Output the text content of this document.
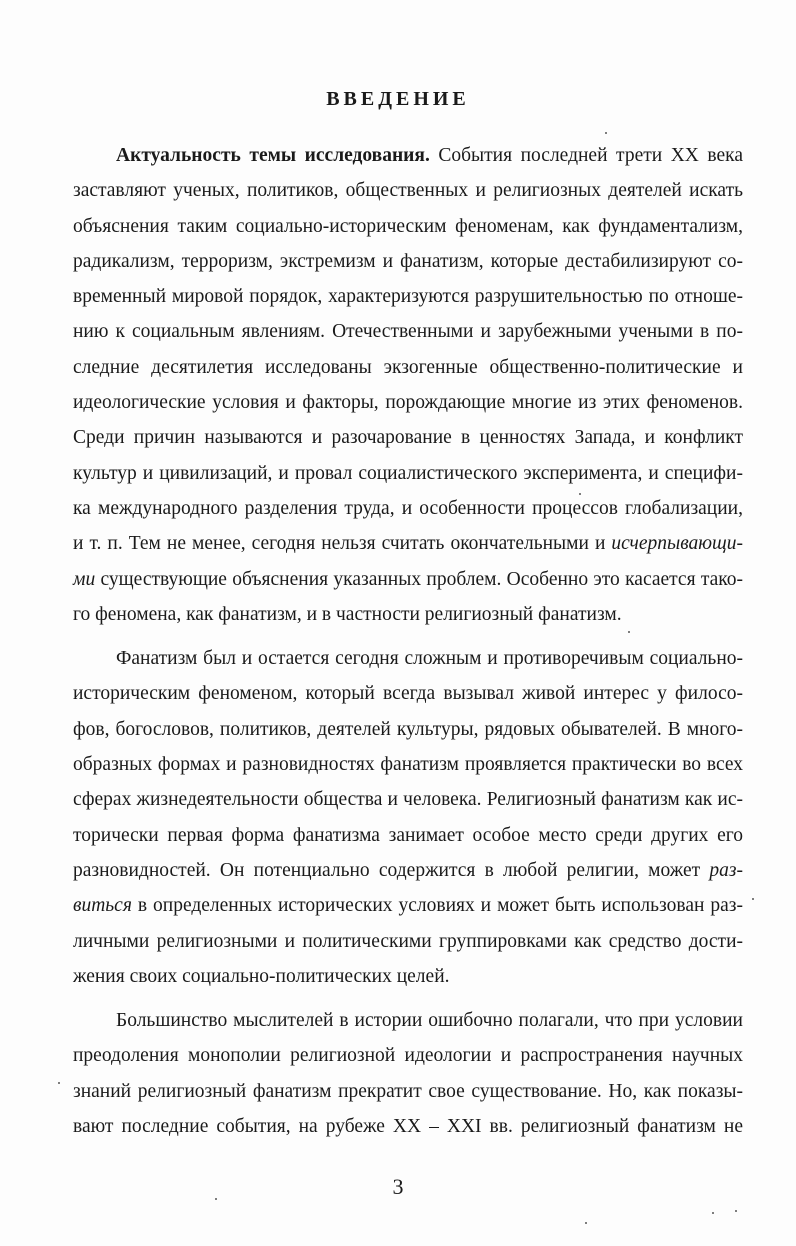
ВВЕДЕНИЕ
Актуальность темы исследования. События последней трети XX века
заставляют ученых, политиков, общественных и религиозных деятелей искать
объяснения таким социально-историческим феноменам, как фундаментализм,
радикализм, терроризм, экстремизм и фанатизм, которые дестабилизируют со-
временный мировой порядок, характеризуются разрушительностью по отноше-
нию к социальным явлениям. Отечественными и зарубежными учеными в по-
следние десятилетия исследованы экзогенные общественно-политические и
идеологические условия и факторы, порождающие многие из этих феноменов.
Среди причин называются и разочарование в ценностях Запада, и конфликт
культур и цивилизаций, и провал социалистического эксперимента, и специфи-
ка международного разделения труда, и особенности процессов глобализации,
и т. п. Тем не менее, сегодня нельзя считать окончательными и исчерпывающи-
ми существующие объяснения указанных проблем. Особенно это касается тако-
го феномена, как фанатизм, и в частности религиозный фанатизм.
Фанатизм был и остается сегодня сложным и противоречивым социально-
историческим феноменом, который всегда вызывал живой интерес у филосо-
фов, богословов, политиков, деятелей культуры, рядовых обывателей. В много-
образных формах и разновидностях фанатизм проявляется практически во всех
сферах жизнедеятельности общества и человека. Религиозный фанатизм как ис-
торически первая форма фанатизма занимает особое место среди других его
разновидностей. Он потенциально содержится в любой религии, может раз-
виться в определенных исторических условиях и может быть использован раз-
личными религиозными и политическими группировками как средство дости-
жения своих социально-политических целей.
Большинство мыслителей в истории ошибочно полагали, что при условии
преодоления монополии религиозной идеологии и распространения научных
знаний религиозный фанатизм прекратит свое существование. Но, как показы-
вают последние события, на рубеже XX – XXI вв. религиозный фанатизм не
3
